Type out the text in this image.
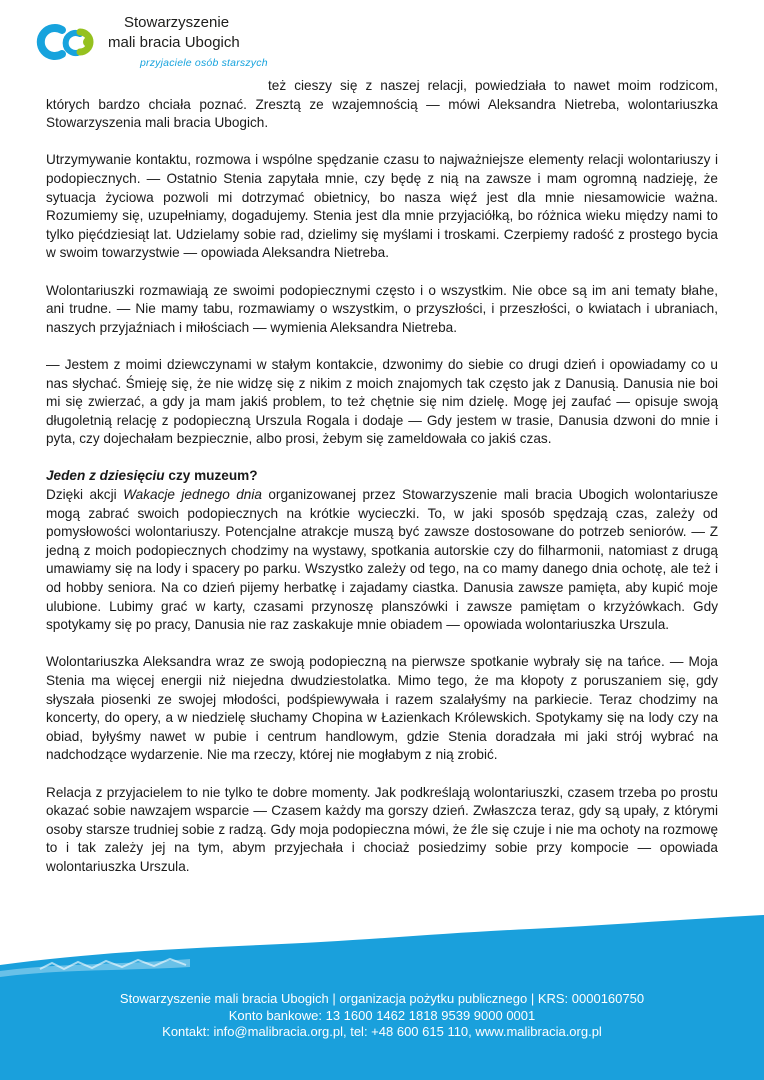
Stowarzyszenie
mali bracia Ubogich
przyjaciele osób starszych

też cieszy się z naszej relacji, powiedziała to nawet moim rodzicom, których bardzo chciała poznać. Zresztą ze wzajemnością — mówi Aleksandra Nietreba, wolontariuszka Stowarzyszenia mali bracia Ubogich.

Utrzymywanie kontaktu, rozmowa i wspólne spędzanie czasu to najważniejsze elementy relacji wolontariuszy i podopiecznych. — Ostatnio Stenia zapytała mnie, czy będę z nią na zawsze i mam ogromną nadzieję, że sytuacja życiowa pozwoli mi dotrzymać obietnicy, bo nasza więź jest dla mnie niesamowicie ważna. Rozumiemy się, uzupełniamy, dogadujemy. Stenia jest dla mnie przyjaciółką, bo różnica wieku między nami to tylko pięćdziesiąt lat. Udzielamy sobie rad, dzielimy się myślami i troskami. Czerpiemy radość z prostego bycia w swoim towarzystwie — opowiada Aleksandra Nietreba.

Wolontariuszki rozmawiają ze swoimi podopiecznymi często i o wszystkim. Nie obce są im ani tematy błahe, ani trudne. — Nie mamy tabu, rozmawiamy o wszystkim, o przyszłości, i przeszłości, o kwiatach i ubraniach, naszych przyjaźniach i miłościach — wymienia Aleksandra Nietreba.

— Jestem z moimi dziewczynami w stałym kontakcie, dzwonimy do siebie co drugi dzień i opowiadamy co u nas słychać. Śmieję się, że nie widzę się z nikim z moich znajomych tak często jak z Danusią. Danusia nie boi mi się zwierzać, a gdy ja mam jakiś problem, to też chętnie się nim dzielę. Mogę jej zaufać — opisuje swoją długoletnią relację z podopieczną Urszula Rogala i dodaje — Gdy jestem w trasie, Danusia dzwoni do mnie i pyta, czy dojechałam bezpiecznie, albo prosi, żebym się zameldowała co jakiś czas.

Jeden z dziesięciu czy muzeum?

Dzięki akcji Wakacje jednego dnia organizowanej przez Stowarzyszenie mali bracia Ubogich wolontariusze mogą zabrać swoich podopiecznych na krótkie wycieczki. To, w jaki sposób spędzają czas, zależy od pomysłowości wolontariuszy. Potencjalne atrakcje muszą być zawsze dostosowane do potrzeb seniorów. — Z jedną z moich podopiecznych chodzimy na wystawy, spotkania autorskie czy do filharmonii, natomiast z drugą umawiamy się na lody i spacery po parku. Wszystko zależy od tego, na co mamy danego dnia ochotę, ale też i od hobby seniora. Na co dzień pijemy herbatkę i zajadamy ciastka. Danusia zawsze pamięta, aby kupić moje ulubione. Lubimy grać w karty, czasami przynoszę planszówki i zawsze pamiętam o krzyżówkach. Gdy spotykamy się po pracy, Danusia nie raz zaskakuje mnie obiadem — opowiada wolontariuszka Urszula.

Wolontariuszka Aleksandra wraz ze swoją podopieczną na pierwsze spotkanie wybrały się na tańce. — Moja Stenia ma więcej energii niż niejedna dwudziestolatka. Mimo tego, że ma kłopoty z poruszaniem się, gdy słyszała piosenki ze swojej młodości, podśpiewywała i razem szalałyśmy na parkiecie. Teraz chodzimy na koncerty, do opery, a w niedzielę słuchamy Chopina w Łazienkach Królewskich. Spotykamy się na lody czy na obiad, byłyśmy nawet w pubie i centrum handlowym, gdzie Stenia doradzała mi jaki strój wybrać na nadchodzące wydarzenie. Nie ma rzeczy, której nie mogłabym z nią zrobić.

Relacja z przyjacielem to nie tylko te dobre momenty. Jak podkreślają wolontariuszki, czasem trzeba po prostu okazać sobie nawzajem wsparcie — Czasem każdy ma gorszy dzień. Zwłaszcza teraz, gdy są upały, z którymi osoby starsze trudniej sobie z radzą. Gdy moja podopieczna mówi, że źle się czuje i nie ma ochoty na rozmowę to i tak zależy jej na tym, abym przyjechała i chociaż posiedzimy sobie przy kompocie — opowiada wolontariuszka Urszula.

Stowarzyszenie mali bracia Ubogich | organizacja pożytku publicznego | KRS: 0000160750
Konto bankowe: 13 1600 1462 1818 9539 9000 0001
Kontakt: info@malibracia.org.pl, tel: +48 600 615 110, www.malibracia.org.pl
